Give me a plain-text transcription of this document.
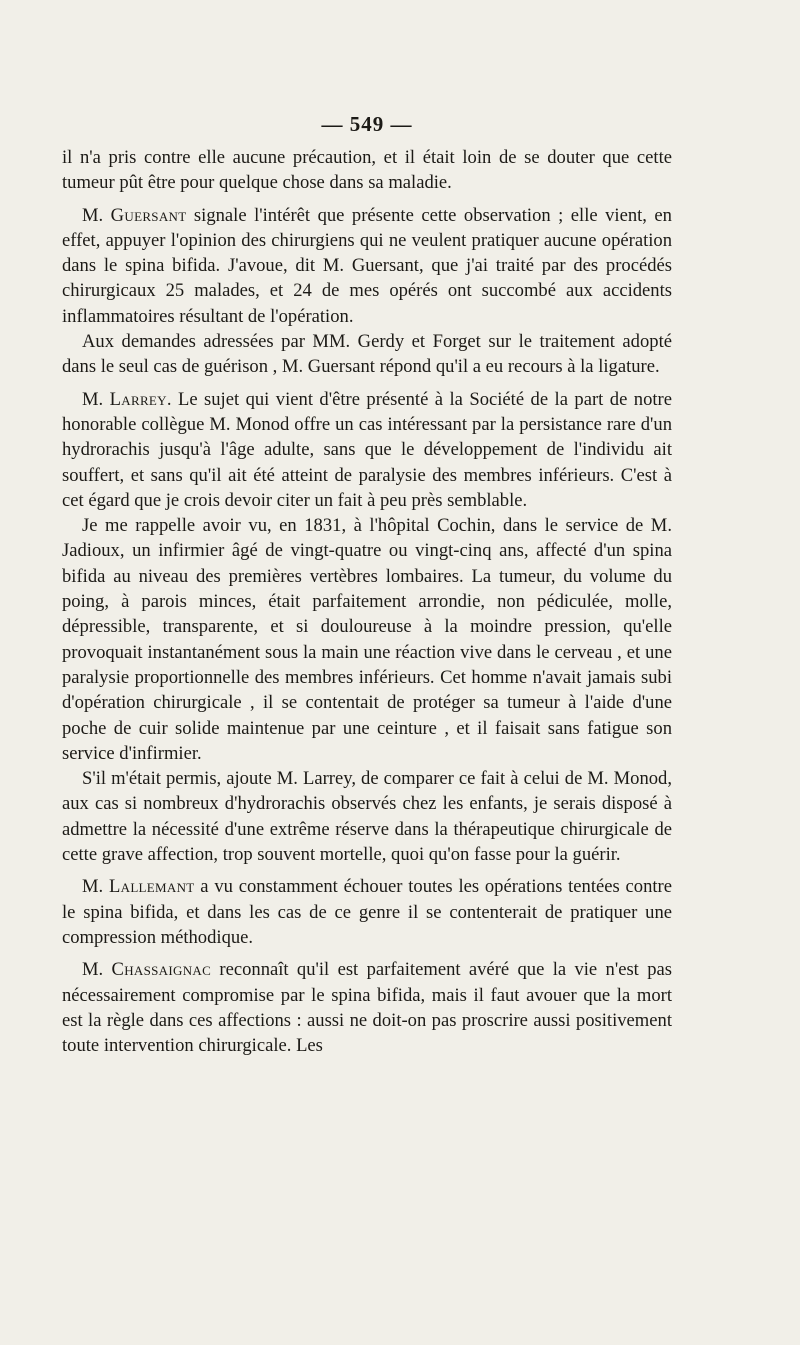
— 549 —

il n'a pris contre elle aucune précaution, et il était loin de se douter que cette tumeur pût être pour quelque chose dans sa maladie.

M. Guersant signale l'intérêt que présente cette observation ; elle vient, en effet, appuyer l'opinion des chirurgiens qui ne veulent pratiquer aucune opération dans le spina bifida. J'avoue, dit M. Guersant, que j'ai traité par des procédés chirurgicaux 25 malades, et 24 de mes opérés ont succombé aux accidents inflammatoires résultant de l'opération.

Aux demandes adressées par MM. Gerdy et Forget sur le traitement adopté dans le seul cas de guérison , M. Guersant répond qu'il a eu recours à la ligature.

M. Larrey. Le sujet qui vient d'être présenté à la Société de la part de notre honorable collègue M. Monod offre un cas intéressant par la persistance rare d'un hydrorachis jusqu'à l'âge adulte, sans que le développement de l'individu ait souffert, et sans qu'il ait été atteint de paralysie des membres inférieurs. C'est à cet égard que je crois devoir citer un fait à peu près semblable.

Je me rappelle avoir vu, en 1831, à l'hôpital Cochin, dans le service de M. Jadioux, un infirmier âgé de vingt-quatre ou vingt-cinq ans, affecté d'un spina bifida au niveau des premières vertèbres lombaires. La tumeur, du volume du poing, à parois minces, était parfaitement arrondie, non pédiculée, molle, dépressible, transparente, et si douloureuse à la moindre pression, qu'elle provoquait instantanément sous la main une réaction vive dans le cerveau , et une paralysie proportionnelle des membres inférieurs. Cet homme n'avait jamais subi d'opération chirurgicale , il se contentait de protéger sa tumeur à l'aide d'une poche de cuir solide maintenue par une ceinture , et il faisait sans fatigue son service d'infirmier.

S'il m'était permis, ajoute M. Larrey, de comparer ce fait à celui de M. Monod, aux cas si nombreux d'hydrorachis observés chez les enfants, je serais disposé à admettre la nécessité d'une extrême réserve dans la thérapeutique chirurgicale de cette grave affection, trop souvent mortelle, quoi qu'on fasse pour la guérir.

M. Lallemant a vu constamment échouer toutes les opérations tentées contre le spina bifida, et dans les cas de ce genre il se contenterait de pratiquer une compression méthodique.

M. Chassaignac reconnaît qu'il est parfaitement avéré que la vie n'est pas nécessairement compromise par le spina bifida, mais il faut avouer que la mort est la règle dans ces affections : aussi ne doit-on pas proscrire aussi positivement toute intervention chirurgicale. Les
